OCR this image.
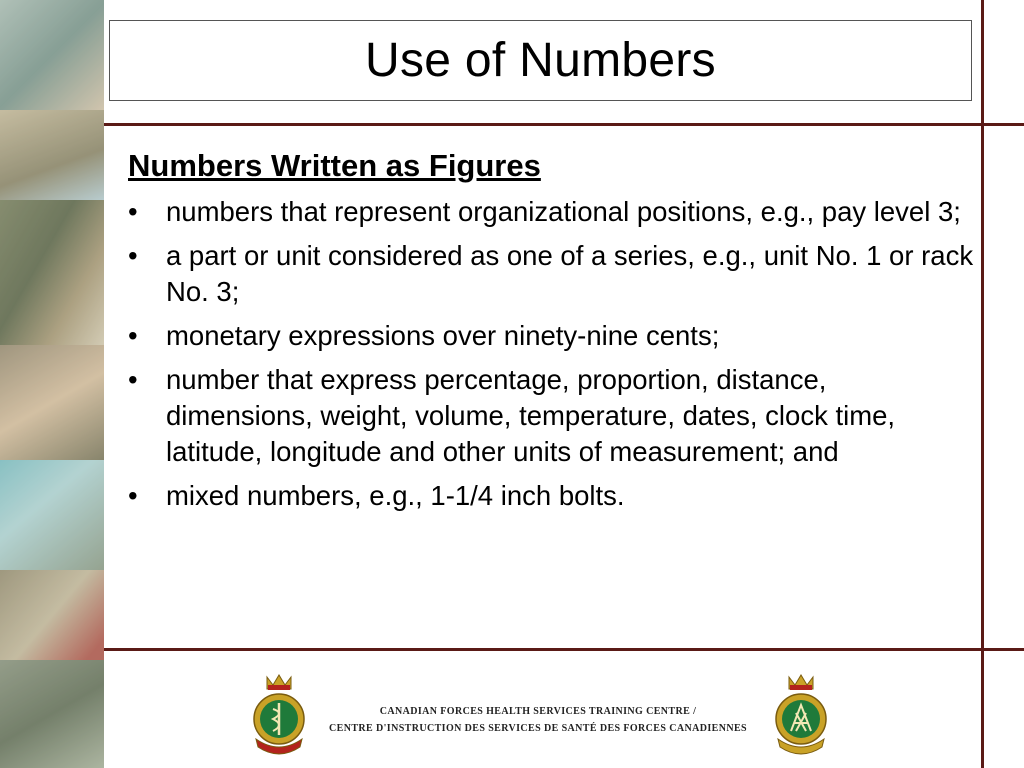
Use of Numbers
Numbers Written as Figures
• numbers that represent organizational positions, e.g., pay level 3;
• a part or unit considered as one of a series, e.g., unit No. 1 or rack No. 3;
• monetary expressions over ninety-nine cents;
• number that express percentage, proportion, distance, dimensions, weight, volume, temperature, dates, clock time, latitude, longitude and other units of measurement; and
• mixed numbers, e.g., 1-1/4 inch bolts.
CANADIAN FORCES HEALTH SERVICES TRAINING CENTRE /
CENTRE D'INSTRUCTION DES SERVICES DE SANTÉ DES FORCES CANADIENNES
